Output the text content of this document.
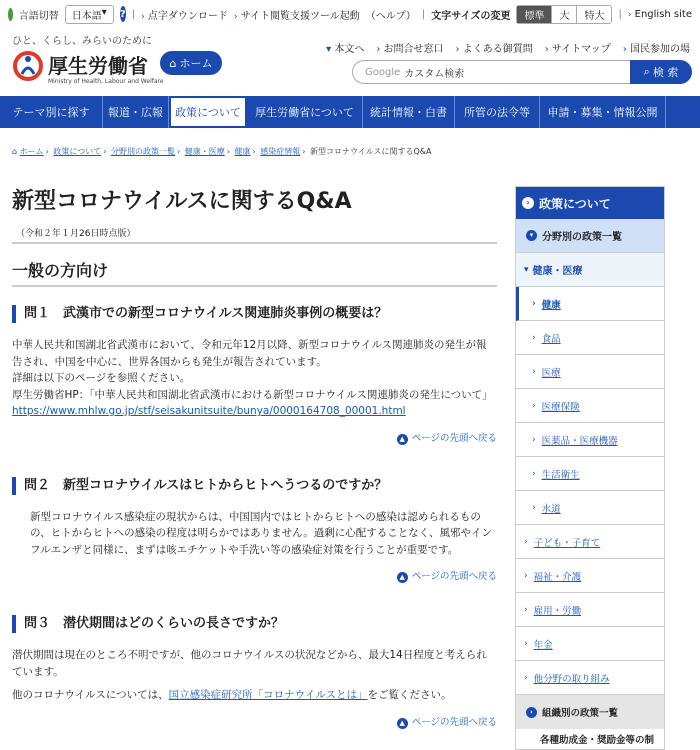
言語切替 日本語 ▾ ? | › 点字ダウンロード › サイト閲覧支援ツール起動 （ヘルプ） | 文字サイズの変更	標準	大	特大	| › English site
ひと、くらし、みらいのために
厚生労働省
Ministry of Health, Labour and Welfare
⌂ ホーム
▾ 本文へ › お問合せ窓口 › よくある御質問 › サイトマップ › 国民参加の場
Google カスタム検索	⌕ 検 索
テーマ別に探す	報道・広報	政策について	厚生労働省について	統計情報・白書	所管の法令等	申請・募集・情報公開
⌂ ホーム › 政策について › 分野別の政策一覧 › 健康・医療 › 健康 › 感染症情報 › 新型コロナウイルスに関するQ&A
新型コロナウイルスに関するQ&A
（令和２年１月26日時点版）
一般の方向け
問１　武漢市での新型コロナウイルス関連肺炎事例の概要は？
中華人民共和国湖北省武漢市において、令和元年12月以降、新型コロナウイルス関連肺炎の発生が報告され、中国を中心に、世界各国からも発生が報告されています。
詳細は以下のページを参照ください。
厚生労働省HP：「中華人民共和国湖北省武漢市における新型コロナウイルス関連肺炎の発生について」
https://www.mhlw.go.jp/stf/seisakunitsuite/bunya/0000164708_00001.html
▲ ページの先頭へ戻る
問２　新型コロナウイルスはヒトからヒトへうつるのですか？
新型コロナウイルス感染症の現状からは、中国国内ではヒトからヒトへの感染は認められるものの、ヒトからヒトへの感染の程度は明らかではありません。過剰に心配することなく、風邪やインフルエンザと同様に、まずは咳エチケットや手洗い等の感染症対策を行うことが重要です。
▲ ページの先頭へ戻る
問３　潜伏期間はどのくらいの長さですか？
潜伏期間は現在のところ不明ですが、他のコロナウイルスの状況などから、最大14日程度と考えられています。
他のコロナウイルスについては、国立感染症研究所「コロナウイルスとは」をご覧ください。
▲ ページの先頭へ戻る
› 政策について
▾ 分野別の政策一覧
▾ 健康・医療
› 健康
› 食品
› 医療
› 医療保険
› 医薬品・医療機器
› 生活衛生
› 水道
› 子ども・子育て
› 福祉・介護
› 雇用・労働
› 年金
› 他分野の取り組み
› 組織別の政策一覧
各種助成金・奨励金等の制
